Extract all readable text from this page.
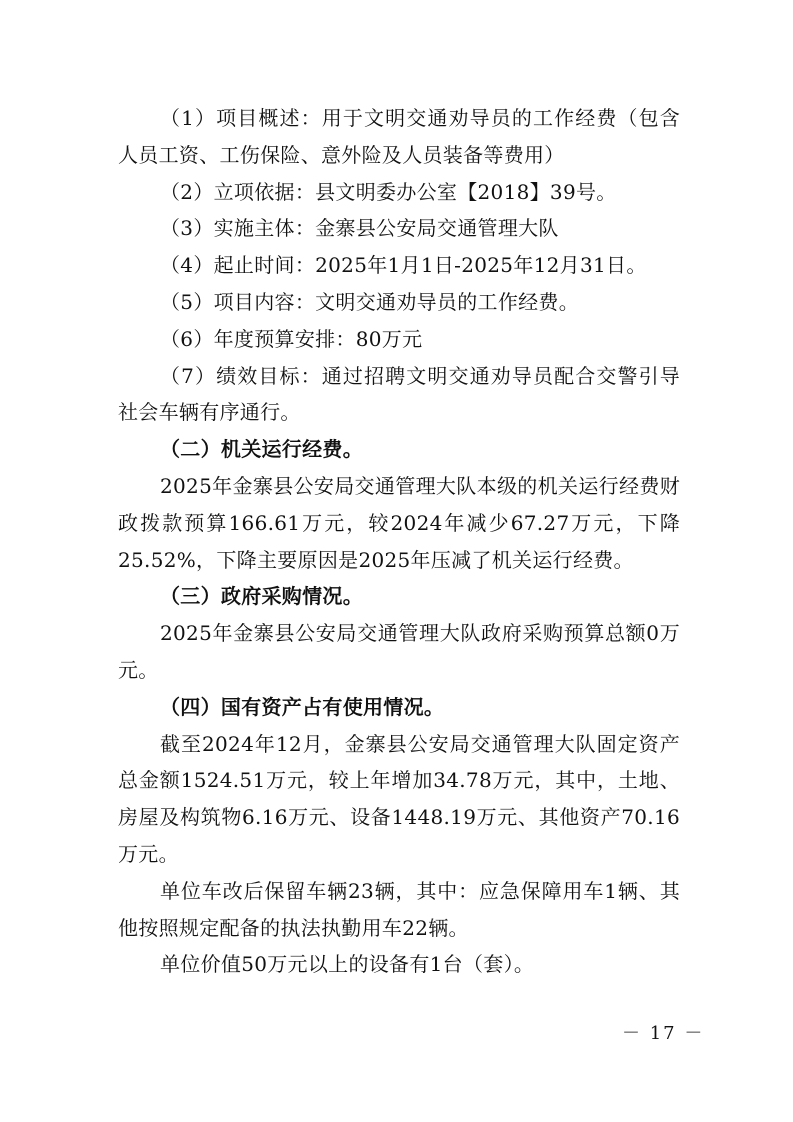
（1）项目概述：用于文明交通劝导员的工作经费（包含人员工资、工伤保险、意外险及人员装备等费用）

（2）立项依据：县文明委办公室【2018】39号。

（3）实施主体：金寨县公安局交通管理大队

（4）起止时间：2025年1月1日-2025年12月31日。

（5）项目内容：文明交通劝导员的工作经费。

（6）年度预算安排：80万元

（7）绩效目标：通过招聘文明交通劝导员配合交警引导社会车辆有序通行。

（二）机关运行经费。

2025年金寨县公安局交通管理大队本级的机关运行经费财政拨款预算166.61万元，较2024年减少67.27万元，下降25.52%，下降主要原因是2025年压减了机关运行经费。

（三）政府采购情况。

2025年金寨县公安局交通管理大队政府采购预算总额0万元。

（四）国有资产占有使用情况。

截至2024年12月，金寨县公安局交通管理大队固定资产总金额1524.51万元，较上年增加34.78万元，其中，土地、房屋及构筑物6.16万元、设备1448.19万元、其他资产70.16万元。

单位车改后保留车辆23辆，其中：应急保障用车1辆、其他按照规定配备的执法执勤用车22辆。

单位价值50万元以上的设备有1台（套）。

－ 17 －
